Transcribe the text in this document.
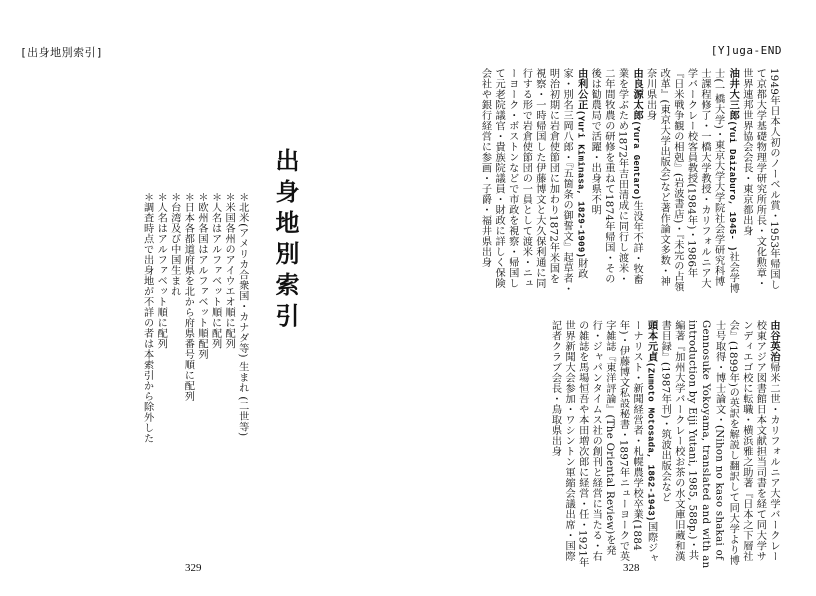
[出身地別索引]
出身地別索引
＊北米(アメリカ合衆国・カナダ等) 生まれ (二世等)
＊米国各州のアイウエオ順に配列
＊人名はアルファベット順に配列
＊欧州各国はアルファベット順配列
＊日本各都道府県を北から府県番号順に配列
＊台湾及び中国生まれ
＊人名はアルファベット順に配列
＊調査時点で出身地が不詳の者は本索引から除外した
329
[Y]uga-END
1949年日本人初のノーベル賞・1953年帰国して京都大学基礎物理学研究所所長・文化勲章・世界連邦世界協会会長・東京都出身
油井大三郎(Yui Daizaburo, 1945- )社会学博士(一橋大学)・東京大学大学院社会学研究科博士課程修了・一橋大学教授・カリフォルニア大学バークレー校客員教授(1984年)・1986年『日米戦争観の相剋』(岩波書店)・『未完の占領改革』(東京大学出版会)など著作論文多数・神奈川県出身
由良源太郎(Yura Gentaro)生没年不詳・牧畜業を学ぶため1872年吉田清成に同行し渡米・二年間牧農の研修を重ねて1874年帰国・その後は勧農局で活躍・出身県不明
由利公正(Yuri Kiminasa, 1829-1909)財政家・別名三岡八郎・『五箇条の御誓文』起草者・明治初期に岩倉使節団に加わり1872年米国を視察・一時帰国した伊藤博文と大久保利通に同行する形で岩倉使節団の一員として渡米・ニューヨーク・ボストンなどで市政を視察・帰国して元老院議官・貴族院議員・財政に詳しく保険会社や銀行経営に参画・子爵・福井県出身
由谷英治帰米二世・カリフォルニア大学バークレー校東アジア図書館日本文献担当司書を経て同大学サンディエゴ校に転職・横浜雅之助著『日本之下層社会』(1899年)の英訳を解説し翻訳して同大学より博士号取得・博士論文・(Nihon no kaso shakai of Gennosuke Yokoyama, translated and with an introduction by Eiji Yutani, 1985, 588p.)・共編著『加州大学バークレー校お茶の水文庫旧蔵和漢書目録』(1987年刊)・筑波出版会など
頭本元貞(Zumoto Motosada, 1862-1943)国際ジャーナリスト・新聞経営者・札幌農学校卒業(1884年)・伊藤博文私設秘書・1897年ニューヨークで英字雑誌『東洋評論』(The Oriental Review)を発行・ジャパンタイムス社の創刊と経営に当たる・右の雑誌を馬場恒吾や本田増次郎に経営・任・1921年世界新聞大会参加・ワシントン軍縮会議出席・国際記者クラブ会長・鳥取県出身
328
